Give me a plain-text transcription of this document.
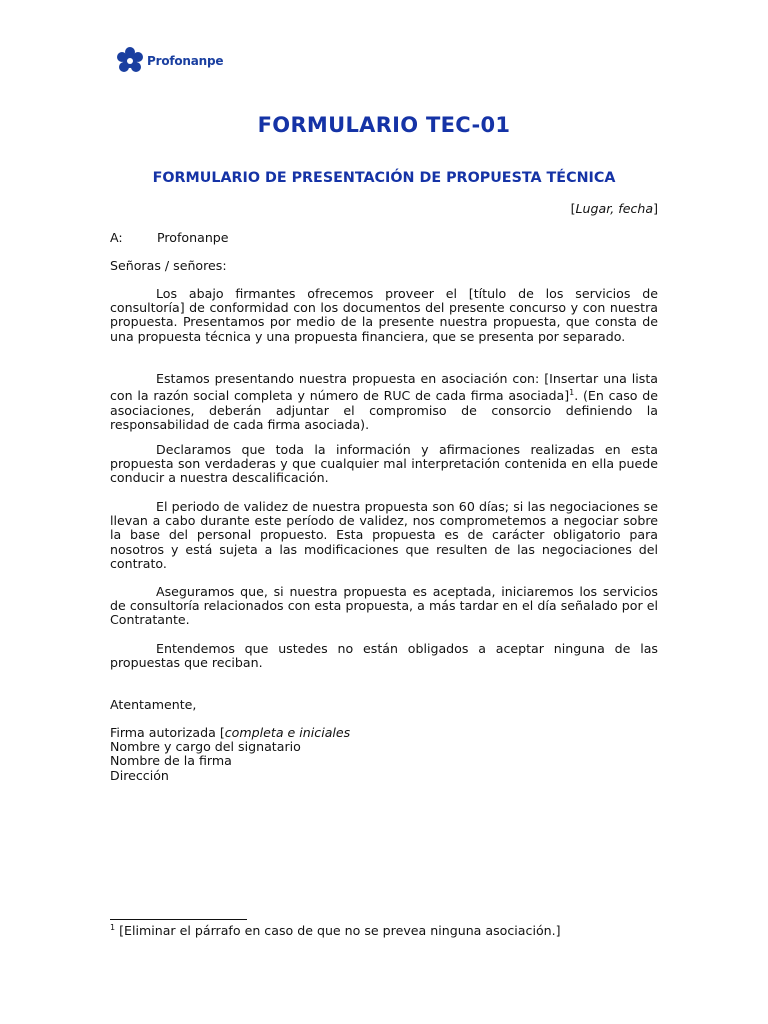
Profonanpe
FORMULARIO TEC-01
FORMULARIO DE PRESENTACIÓN DE PROPUESTA TÉCNICA
[Lugar, fecha]
A:	Profonanpe
Señoras / señores:

Los abajo firmantes ofrecemos proveer el [título de los servicios de consultoría] de conformidad con los documentos del presente concurso y con nuestra propuesta. Presentamos por medio de la presente nuestra propuesta, que consta de una propuesta técnica y una propuesta financiera, que se presenta por separado.

Estamos presentando nuestra propuesta en asociación con: [Insertar una lista con la razón social completa y número de RUC de cada firma asociada]$^1$. (En caso de asociaciones, deberán adjuntar el compromiso de consorcio definiendo la responsabilidad de cada firma asociada).

Declaramos que toda la información y afirmaciones realizadas en esta propuesta son verdaderas y que cualquier mal interpretación contenida en ella puede conducir a nuestra descalificación.

El periodo de validez de nuestra propuesta son 60 días; si las negociaciones se llevan a cabo durante este período de validez, nos comprometemos a negociar sobre la base del personal propuesto. Esta propuesta es de carácter obligatorio para nosotros y está sujeta a las modificaciones que resulten de las negociaciones del contrato.

Aseguramos que, si nuestra propuesta es aceptada, iniciaremos los servicios de consultoría relacionados con esta propuesta, a más tardar en el día señalado por el Contratante.

Entendemos que ustedes no están obligados a aceptar ninguna de las propuestas que reciban.

Atentamente,
Firma autorizada [completa e iniciales
Nombre y cargo del signatario
Nombre de la firma
Dirección
$^1$ [Eliminar el párrafo en caso de que no se prevea ninguna asociación.]
